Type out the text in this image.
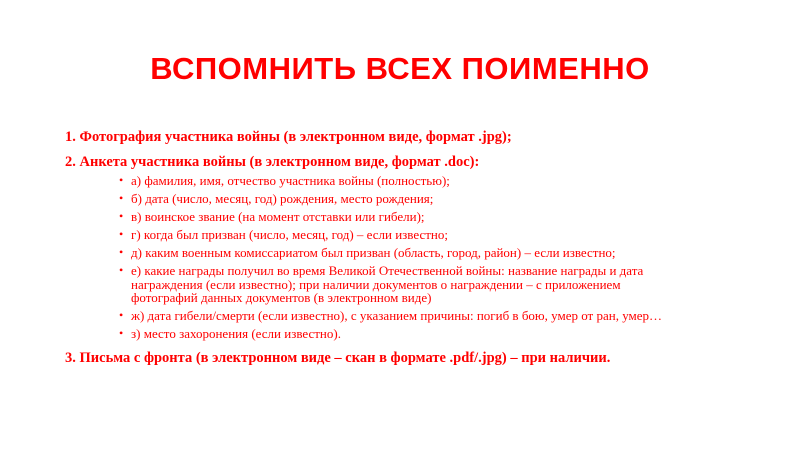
ВСПОМНИТЬ ВСЕХ ПОИМЕННО

1. Фотография участника войны (в электронном виде, формат .jpg);

2. Анкета участника войны (в электронном виде, формат .doc):

• а) фамилия, имя, отчество участника войны (полностью);
• б) дата (число, месяц, год) рождения, место рождения;
• в) воинское звание (на момент отставки или гибели);
• г) когда был призван (число, месяц, год) – если известно;
• д) каким военным комиссариатом был призван (область, город, район) – если известно;
• е) какие награды получил во время Великой Отечественной войны: название награды и дата награждения (если известно); при наличии документов о награждении – с приложением фотографий данных документов (в электронном виде)
• ж) дата гибели/смерти (если известно), с указанием причины: погиб в бою, умер от ран, умер…
• з) место захоронения (если известно).

3. Письма с фронта (в электронном виде – скан в формате .pdf/.jpg) – при наличии.
